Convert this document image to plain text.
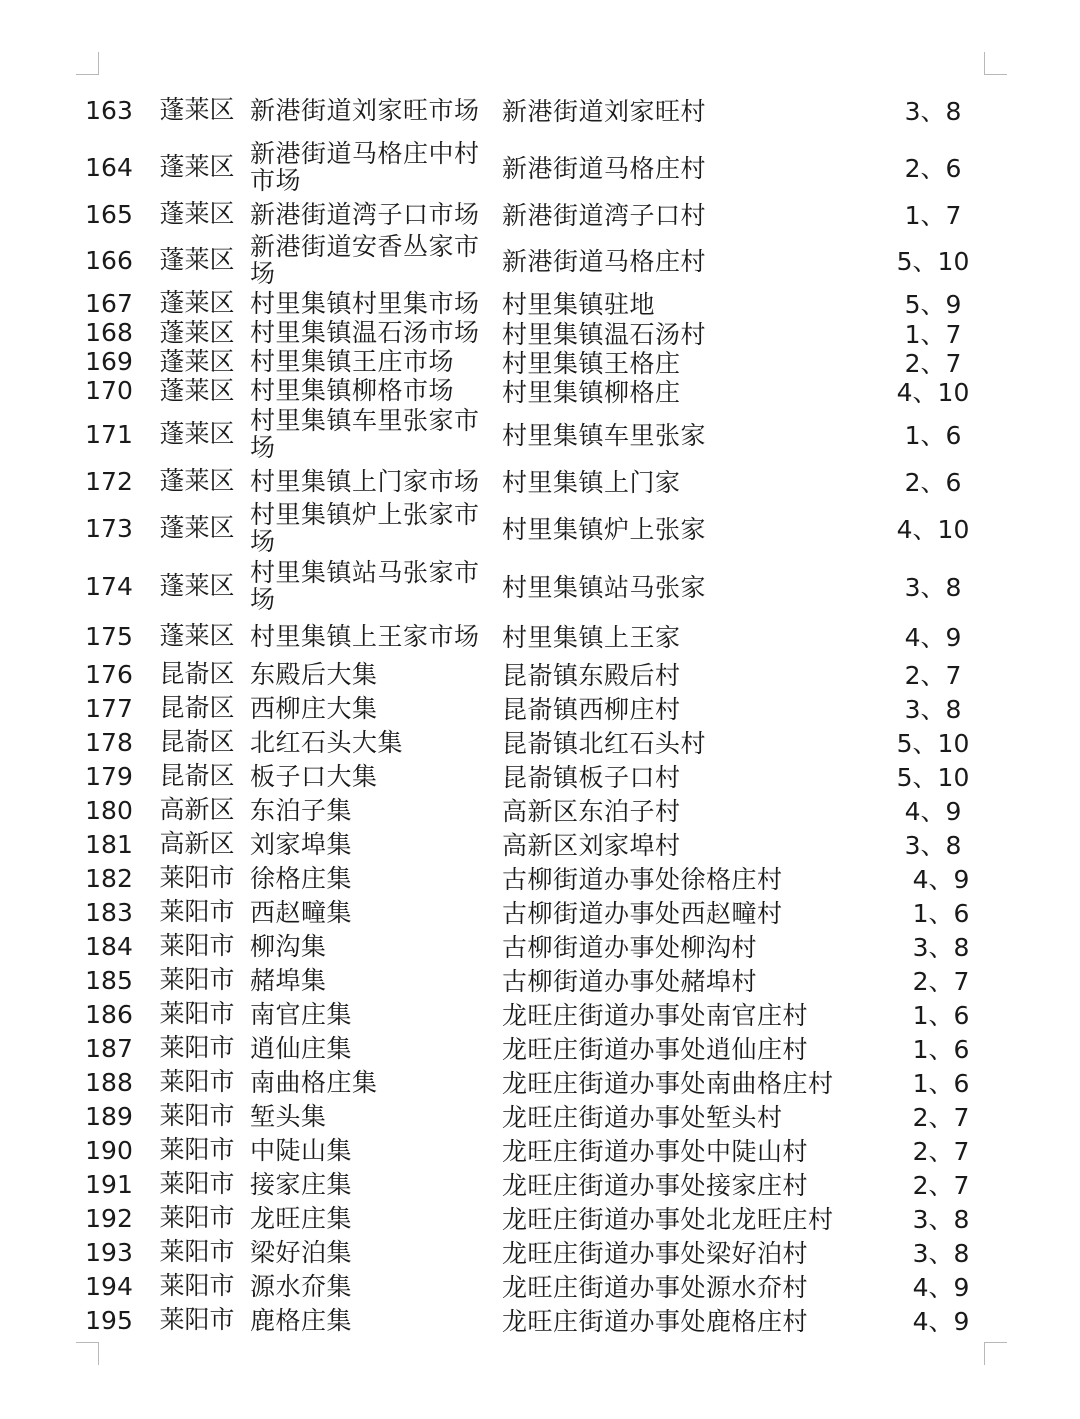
163 蓬莱区 新港街道刘家旺市场 新港街道刘家旺村	3、8
164 蓬莱区 新港街道马格庄中村市场	新港街道马格庄村	2、6
165 蓬莱区 新港街道湾子口市场 新港街道湾子口村	1、7
166 蓬莱区 新港街道安香丛家市场	新港街道马格庄村	5、10
167 蓬莱区 村里集镇村里集市场 村里集镇驻地	5、9
168 蓬莱区 村里集镇温石汤市场 村里集镇温石汤村	1、7
169 蓬莱区 村里集镇王庄市场	村里集镇王格庄	2、7
170 蓬莱区 村里集镇柳格市场	村里集镇柳格庄	4、10
171 蓬莱区 村里集镇车里张家市场	村里集镇车里张家	1、6
172 蓬莱区 村里集镇上门家市场 村里集镇上门家	2、6
173 蓬莱区 村里集镇炉上张家市场	村里集镇炉上张家	4、10
174 蓬莱区 村里集镇站马张家市场	村里集镇站马张家	3、8
175 蓬莱区 村里集镇上王家市场 村里集镇上王家	4、9
176 昆嵛区 东殿后大集	昆嵛镇东殿后村	2、7
177 昆嵛区 西柳庄大集	昆嵛镇西柳庄村	3、8
178 昆嵛区 北红石头大集	昆嵛镇北红石头村	5、10
179 昆嵛区 板子口大集	昆嵛镇板子口村	5、10
180 高新区 东泊子集	高新区东泊子村	4、9
181 高新区 刘家埠集	高新区刘家埠村	3、8
182 莱阳市 徐格庄集	古柳街道办事处徐格庄村	4、9
183 莱阳市 西赵疃集	古柳街道办事处西赵疃村	1、6
184 莱阳市 柳沟集	古柳街道办事处柳沟村	3、8
185 莱阳市 赭埠集	古柳街道办事处赭埠村	2、7
186 莱阳市 南官庄集	龙旺庄街道办事处南官庄村	1、6
187 莱阳市 逍仙庄集	龙旺庄街道办事处逍仙庄村	1、6
188 莱阳市 南曲格庄集	龙旺庄街道办事处南曲格庄村	1、6
189 莱阳市 堑头集	龙旺庄街道办事处堑头村	2、7
190 莱阳市 中陡山集	龙旺庄街道办事处中陡山村	2、7
191 莱阳市 接家庄集	龙旺庄街道办事处接家庄村	2、7
192 莱阳市 龙旺庄集	龙旺庄街道办事处北龙旺庄村	3、8
193 莱阳市 梁好泊集	龙旺庄街道办事处梁好泊村	3、8
194 莱阳市 源水夼集	龙旺庄街道办事处源水夼村	4、9
195 莱阳市 鹿格庄集	龙旺庄街道办事处鹿格庄村	4、9
